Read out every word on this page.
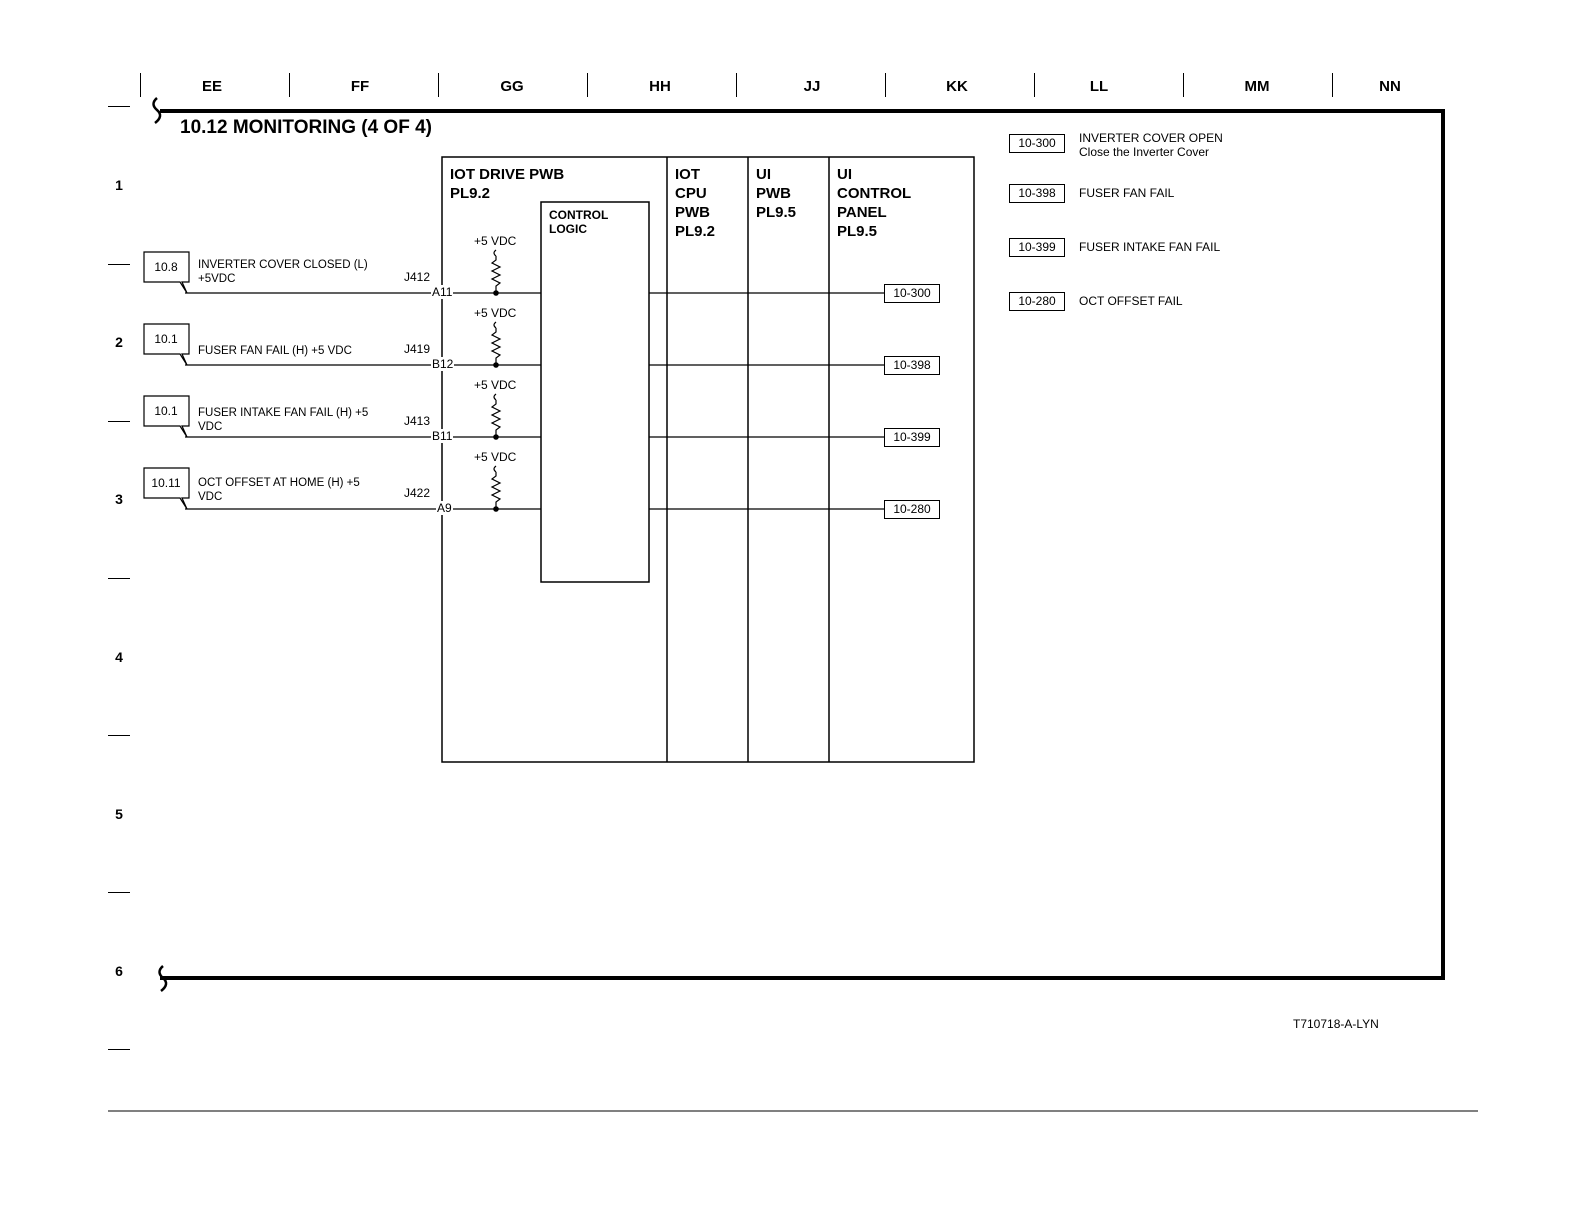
EE	FF	GG	HH	JJ	KK	LL	MM	NN
1
2
3
4
5
6
10.12 MONITORING (4 OF 4)
IOT DRIVE PWB
PL9.2
CONTROL
LOGIC
IOT
CPU
PWB
PL9.2
UI
PWB
PL9.5
UI
CONTROL
PANEL
PL9.5
+5 VDC
+5 VDC
+5 VDC
+5 VDC
10.8	INVERTER COVER CLOSED (L)
+5VDC	J412
A11	10-300
10.1
FUSER FAN FAIL (H) +5 VDC	J419
B12	10-398
10.1	FUSER INTAKE FAN FAIL (H) +5
VDC	J413
B11	10-399
10.11	OCT OFFSET AT HOME (H) +5
VDC	J422
A9	10-280
10-300	INVERTER COVER OPEN
Close the Inverter Cover
10-398	FUSER FAN FAIL
10-399	FUSER INTAKE FAN FAIL
10-280	OCT OFFSET FAIL
T710718-A-LYN
